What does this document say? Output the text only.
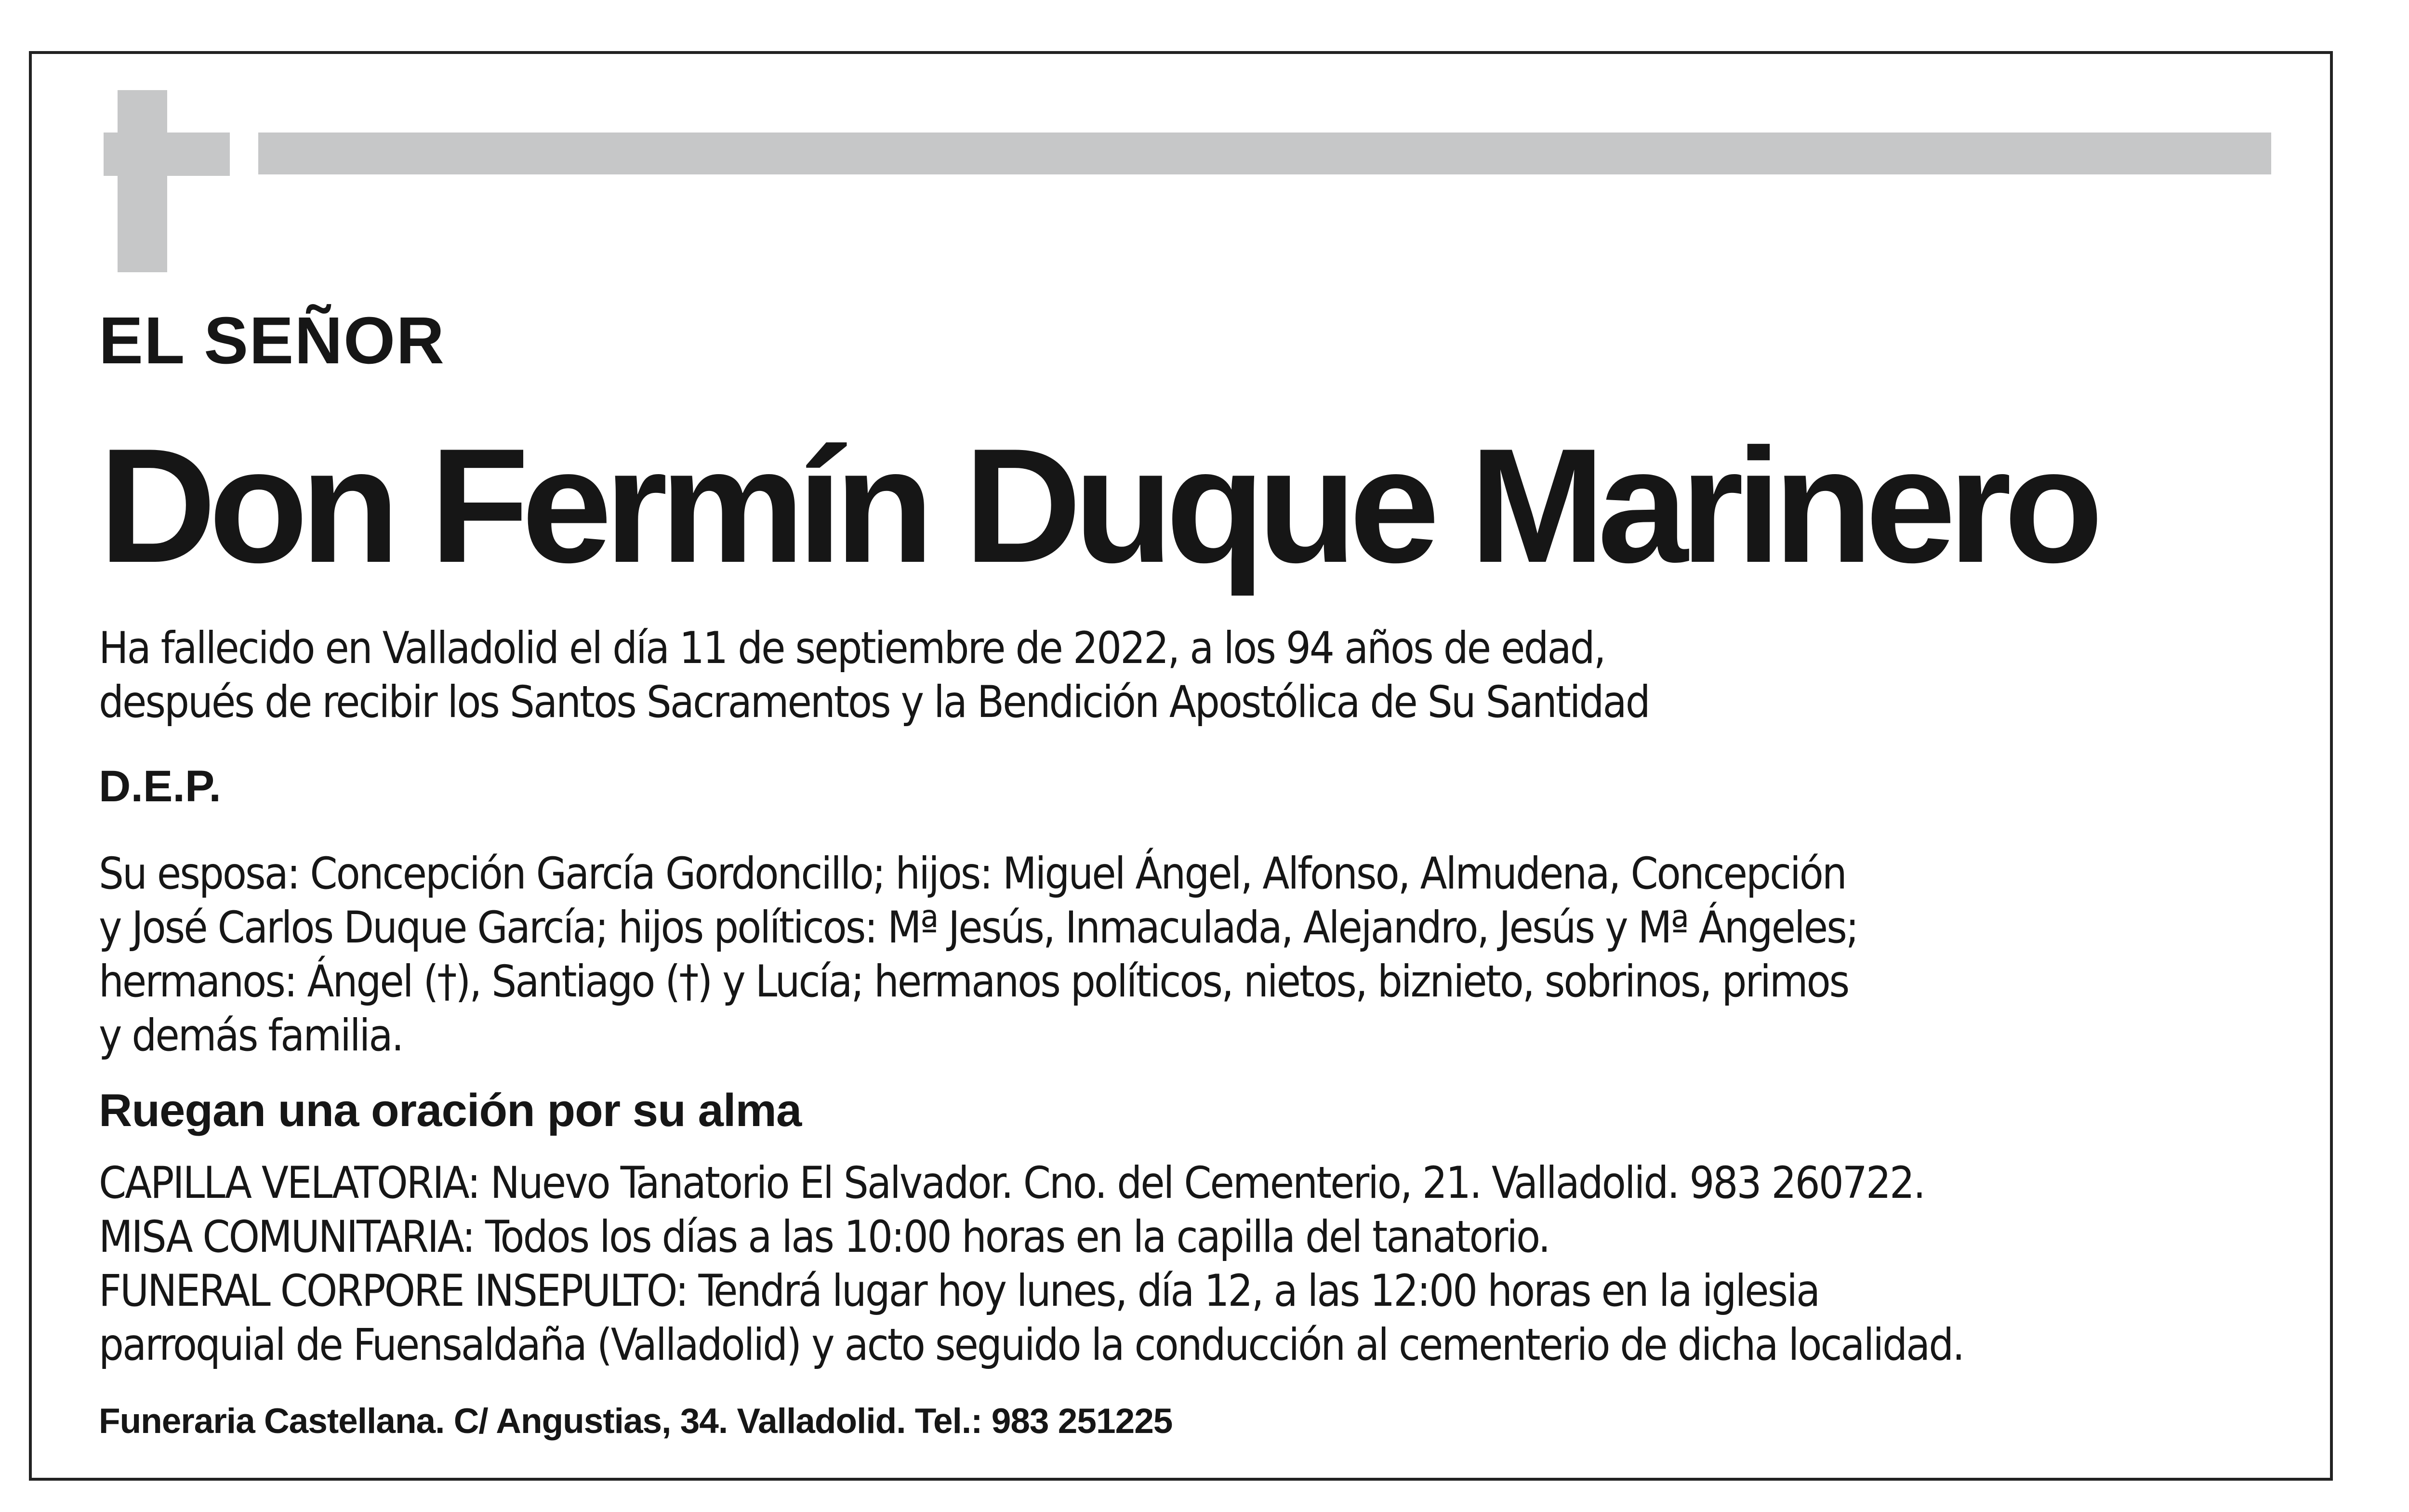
EL SEÑOR
Don Fermín Duque Marinero
Ha fallecido en Valladolid el día 11 de septiembre de 2022, a los 94 años de edad,
después de recibir los Santos Sacramentos y la Bendición Apostólica de Su Santidad
D.E.P.
Su esposa: Concepción García Gordoncillo; hijos: Miguel Ángel, Alfonso, Almudena, Concepción
y José Carlos Duque García; hijos políticos: Mª Jesús, Inmaculada, Alejandro, Jesús y Mª Ángeles;
hermanos: Ángel (†), Santiago (†) y Lucía; hermanos políticos, nietos, biznieto, sobrinos, primos
y demás familia.
Ruegan una oración por su alma
CAPILLA VELATORIA: Nuevo Tanatorio El Salvador. Cno. del Cementerio, 21. Valladolid. 983 260722.
MISA COMUNITARIA: Todos los días a las 10:00 horas en la capilla del tanatorio.
FUNERAL CORPORE INSEPULTO: Tendrá lugar hoy lunes, día 12, a las 12:00 horas en la iglesia
parroquial de Fuensaldaña (Valladolid) y acto seguido la conducción al cementerio de dicha localidad.
Funeraria Castellana. C/ Angustias, 34. Valladolid. Tel.: 983 251225
